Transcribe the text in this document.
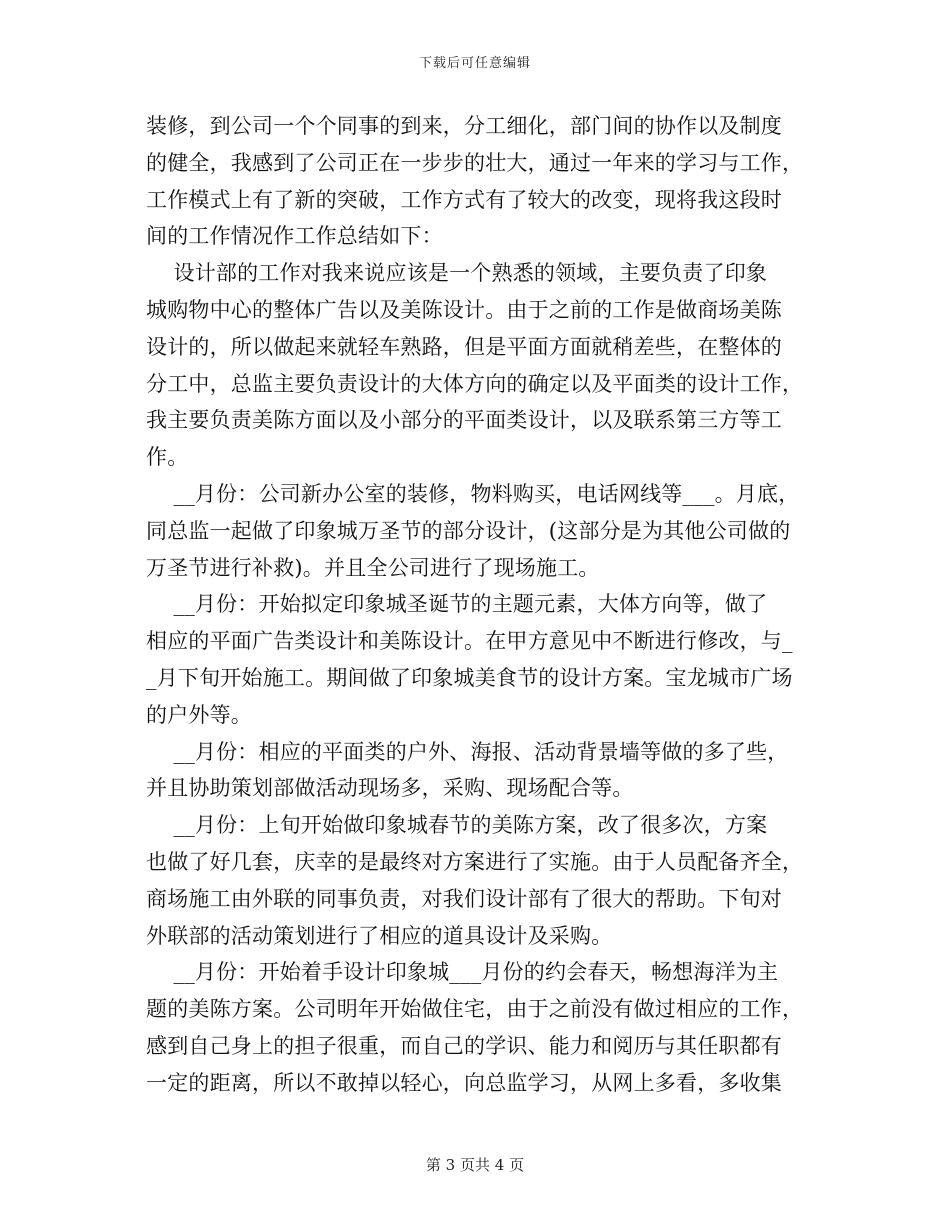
下载后可任意编辑
装修，到公司一个个同事的到来，分工细化，部门间的协作以及制度
的健全，我感到了公司正在一步步的壮大，通过一年来的学习与工作，
工作模式上有了新的突破，工作方式有了较大的改变，现将我这段时
间的工作情况作工作总结如下：
设计部的工作对我来说应该是一个熟悉的领域，主要负责了印象
城购物中心的整体广告以及美陈设计。由于之前的工作是做商场美陈
设计的，所以做起来就轻车熟路，但是平面方面就稍差些，在整体的
分工中，总监主要负责设计的大体方向的确定以及平面类的设计工作，
我主要负责美陈方面以及小部分的平面类设计，以及联系第三方等工
作。
__月份：公司新办公室的装修，物料购买，电话网线等___。月底，
同总监一起做了印象城万圣节的部分设计，(这部分是为其他公司做的
万圣节进行补救)。并且全公司进行了现场施工。
__月份：开始拟定印象城圣诞节的主题元素，大体方向等，做了
相应的平面广告类设计和美陈设计。在甲方意见中不断进行修改，与_
_月下旬开始施工。期间做了印象城美食节的设计方案。宝龙城市广场
的户外等。
__月份：相应的平面类的户外、海报、活动背景墙等做的多了些，
并且协助策划部做活动现场多，采购、现场配合等。
__月份：上旬开始做印象城春节的美陈方案，改了很多次，方案
也做了好几套，庆幸的是最终对方案进行了实施。由于人员配备齐全，
商场施工由外联的同事负责，对我们设计部有了很大的帮助。下旬对
外联部的活动策划进行了相应的道具设计及采购。
__月份：开始着手设计印象城___月份的约会春天，畅想海洋为主
题的美陈方案。公司明年开始做住宅，由于之前没有做过相应的工作，
感到自己身上的担子很重，而自己的学识、能力和阅历与其任职都有
一定的距离，所以不敢掉以轻心，向总监学习，从网上多看，多收集
第 3 页共 4 页
